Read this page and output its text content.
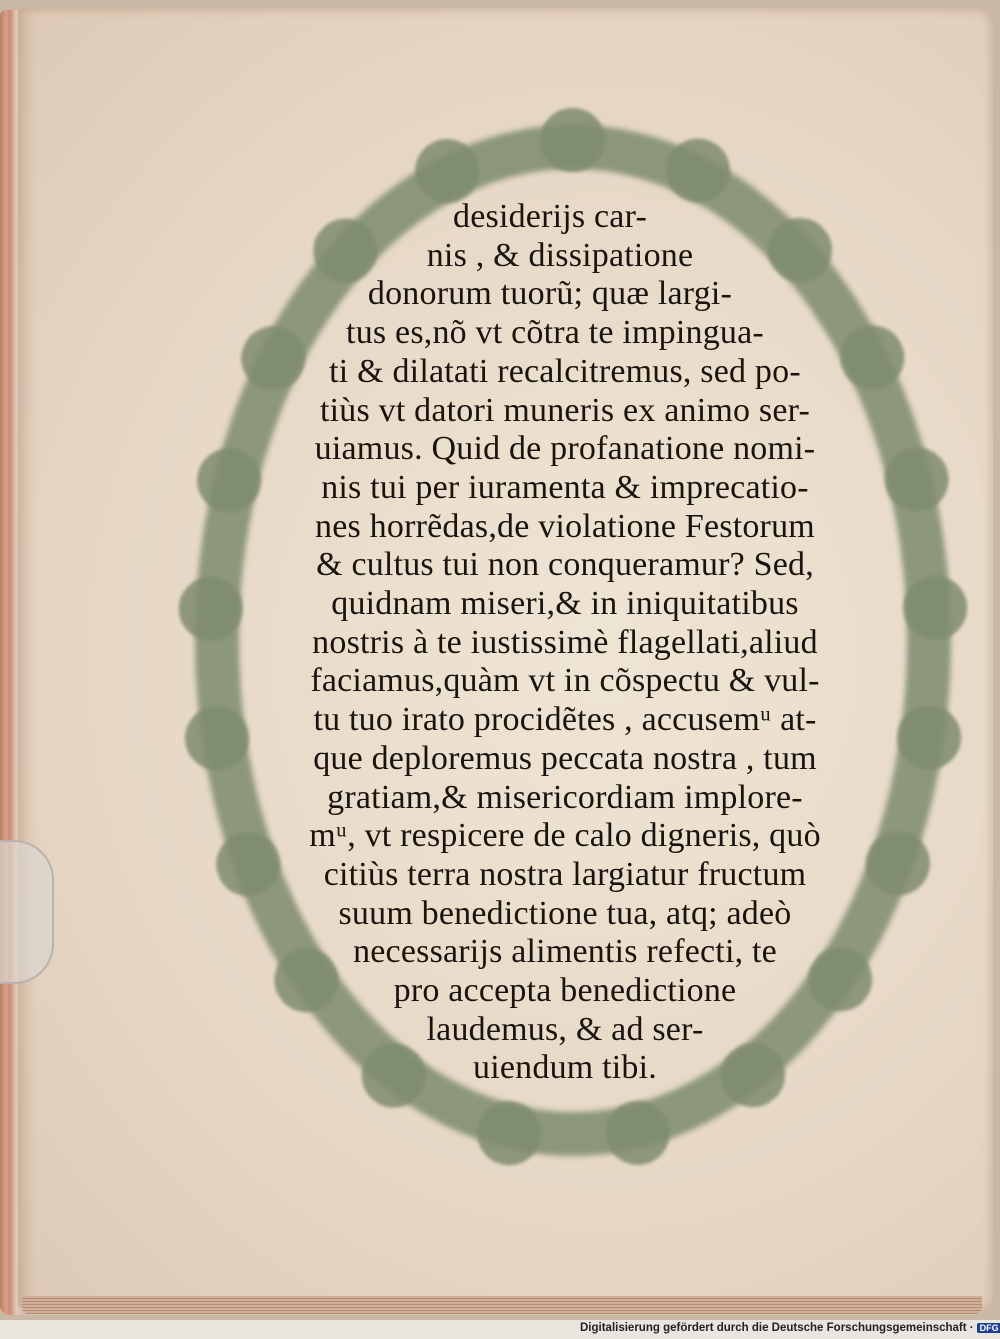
desiderijs car-
nis , & dissipatione
donorum tuorũ; quæ largi-
tus es,nõ vt cõtra te impingua-
ti & dilatati recalcitremus, sed po-
tiùs vt datori muneris ex animo ser-
uiamus. Quid de profanatione nomi-
nis tui per iuramenta & imprecatio-
nes horrẽdas,de violatione Festorum
& cultus tui non conqueramur? Sed,
quidnam miseri,& in iniquitatibus
nostris à te iustissimè flagellati,aliud
faciamus,quàm vt in cõspectu & vul-
tu tuo irato procidẽtes , accusemᵘ at-
que deploremus peccata nostra , tum
gratiam,& misericordiam implore-
mᵘ, vt respicere de calo digneris, quò
citiùs terra nostra largiatur fructum
suum benedictione tua, atq; adeò
necessarijs alimentis refecti, te
pro accepta benedictione
laudemus, & ad ser-
uiendum tibi.
Digitalisierung gefördert durch die Deutsche Forschungsgemeinschaft · DFG
